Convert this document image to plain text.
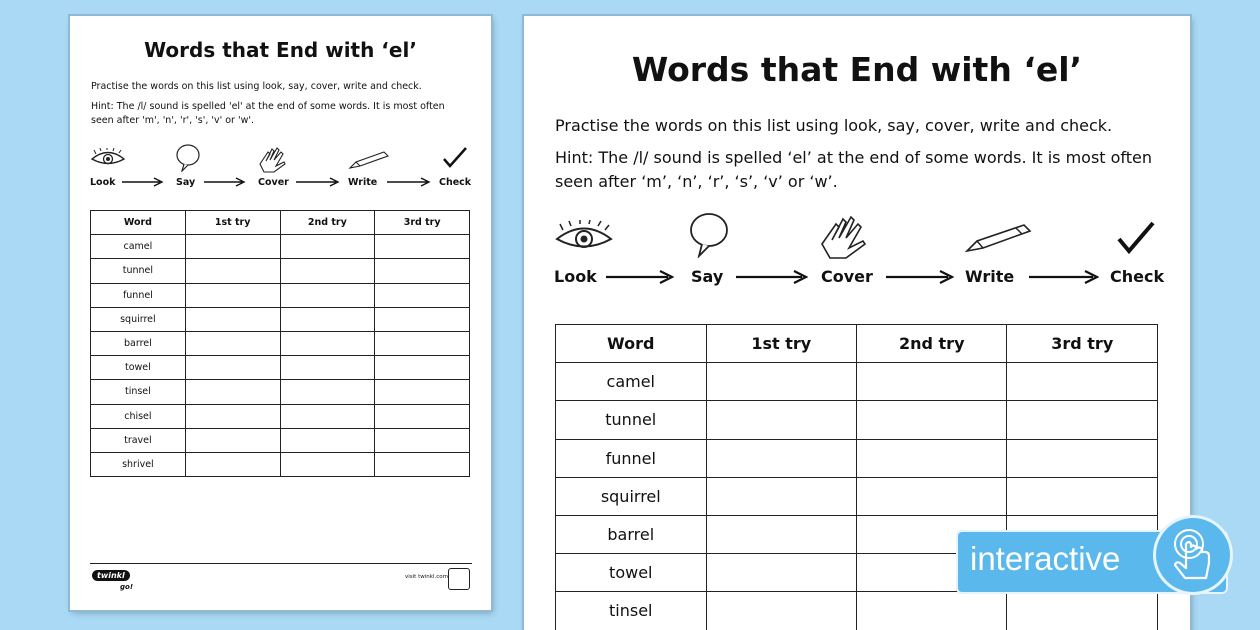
Words that End with ‘el’

Practise the words on this list using look, say, cover, write and check.

Hint: The /l/ sound is spelled 'el' at the end of some words. It is most often
seen after 'm', 'n', 'r', 's', 'v' or 'w'.

Look	Say	Cover	Write	Check
Word	1st try	2nd try	3rd try
camel			
tunnel			
funnel			
squirrel			
barrel			
towel			
tinsel			
chisel			
travel			
shrivel			
twinkl
go!
visit twinkl.com
Words that End with ‘el’

Practise the words on this list using look, say, cover, write and check.

Hint: The /l/ sound is spelled ‘el’ at the end of some words. It is most often
seen after ‘m’, ‘n’, ‘r’, ‘s’, ‘v’ or ‘w’.

Look	Say	Cover	Write	Check
Word	1st try	2nd try	3rd try
camel			
tunnel			
funnel			
squirrel			
barrel			
towel			
tinsel			
interactive
